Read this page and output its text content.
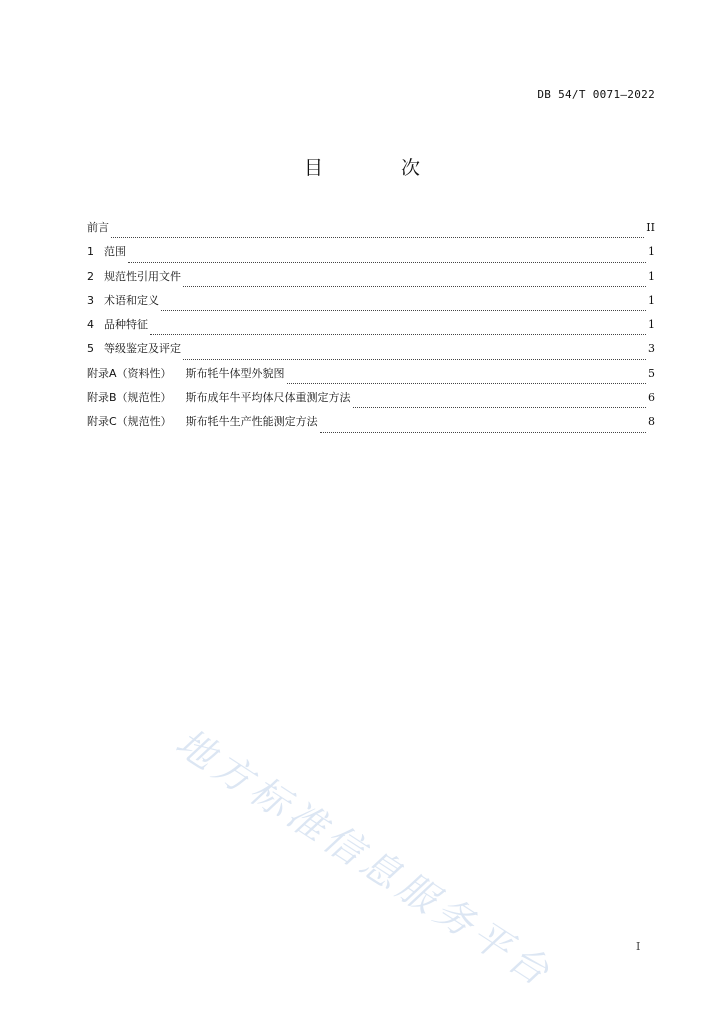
DB 54/T 0071—2022
目 次
前言	II
1 范围	1
2 规范性引用文件	1
3 术语和定义	1
4 品种特征	1
5 等级鉴定及评定	3
附录A（资料性） 斯布牦牛体型外貌图	5
附录B（规范性） 斯布成年牛平均体尺体重测定方法	6
附录C（规范性） 斯布牦牛生产性能测定方法	8
地方标准信息服务平台	I
